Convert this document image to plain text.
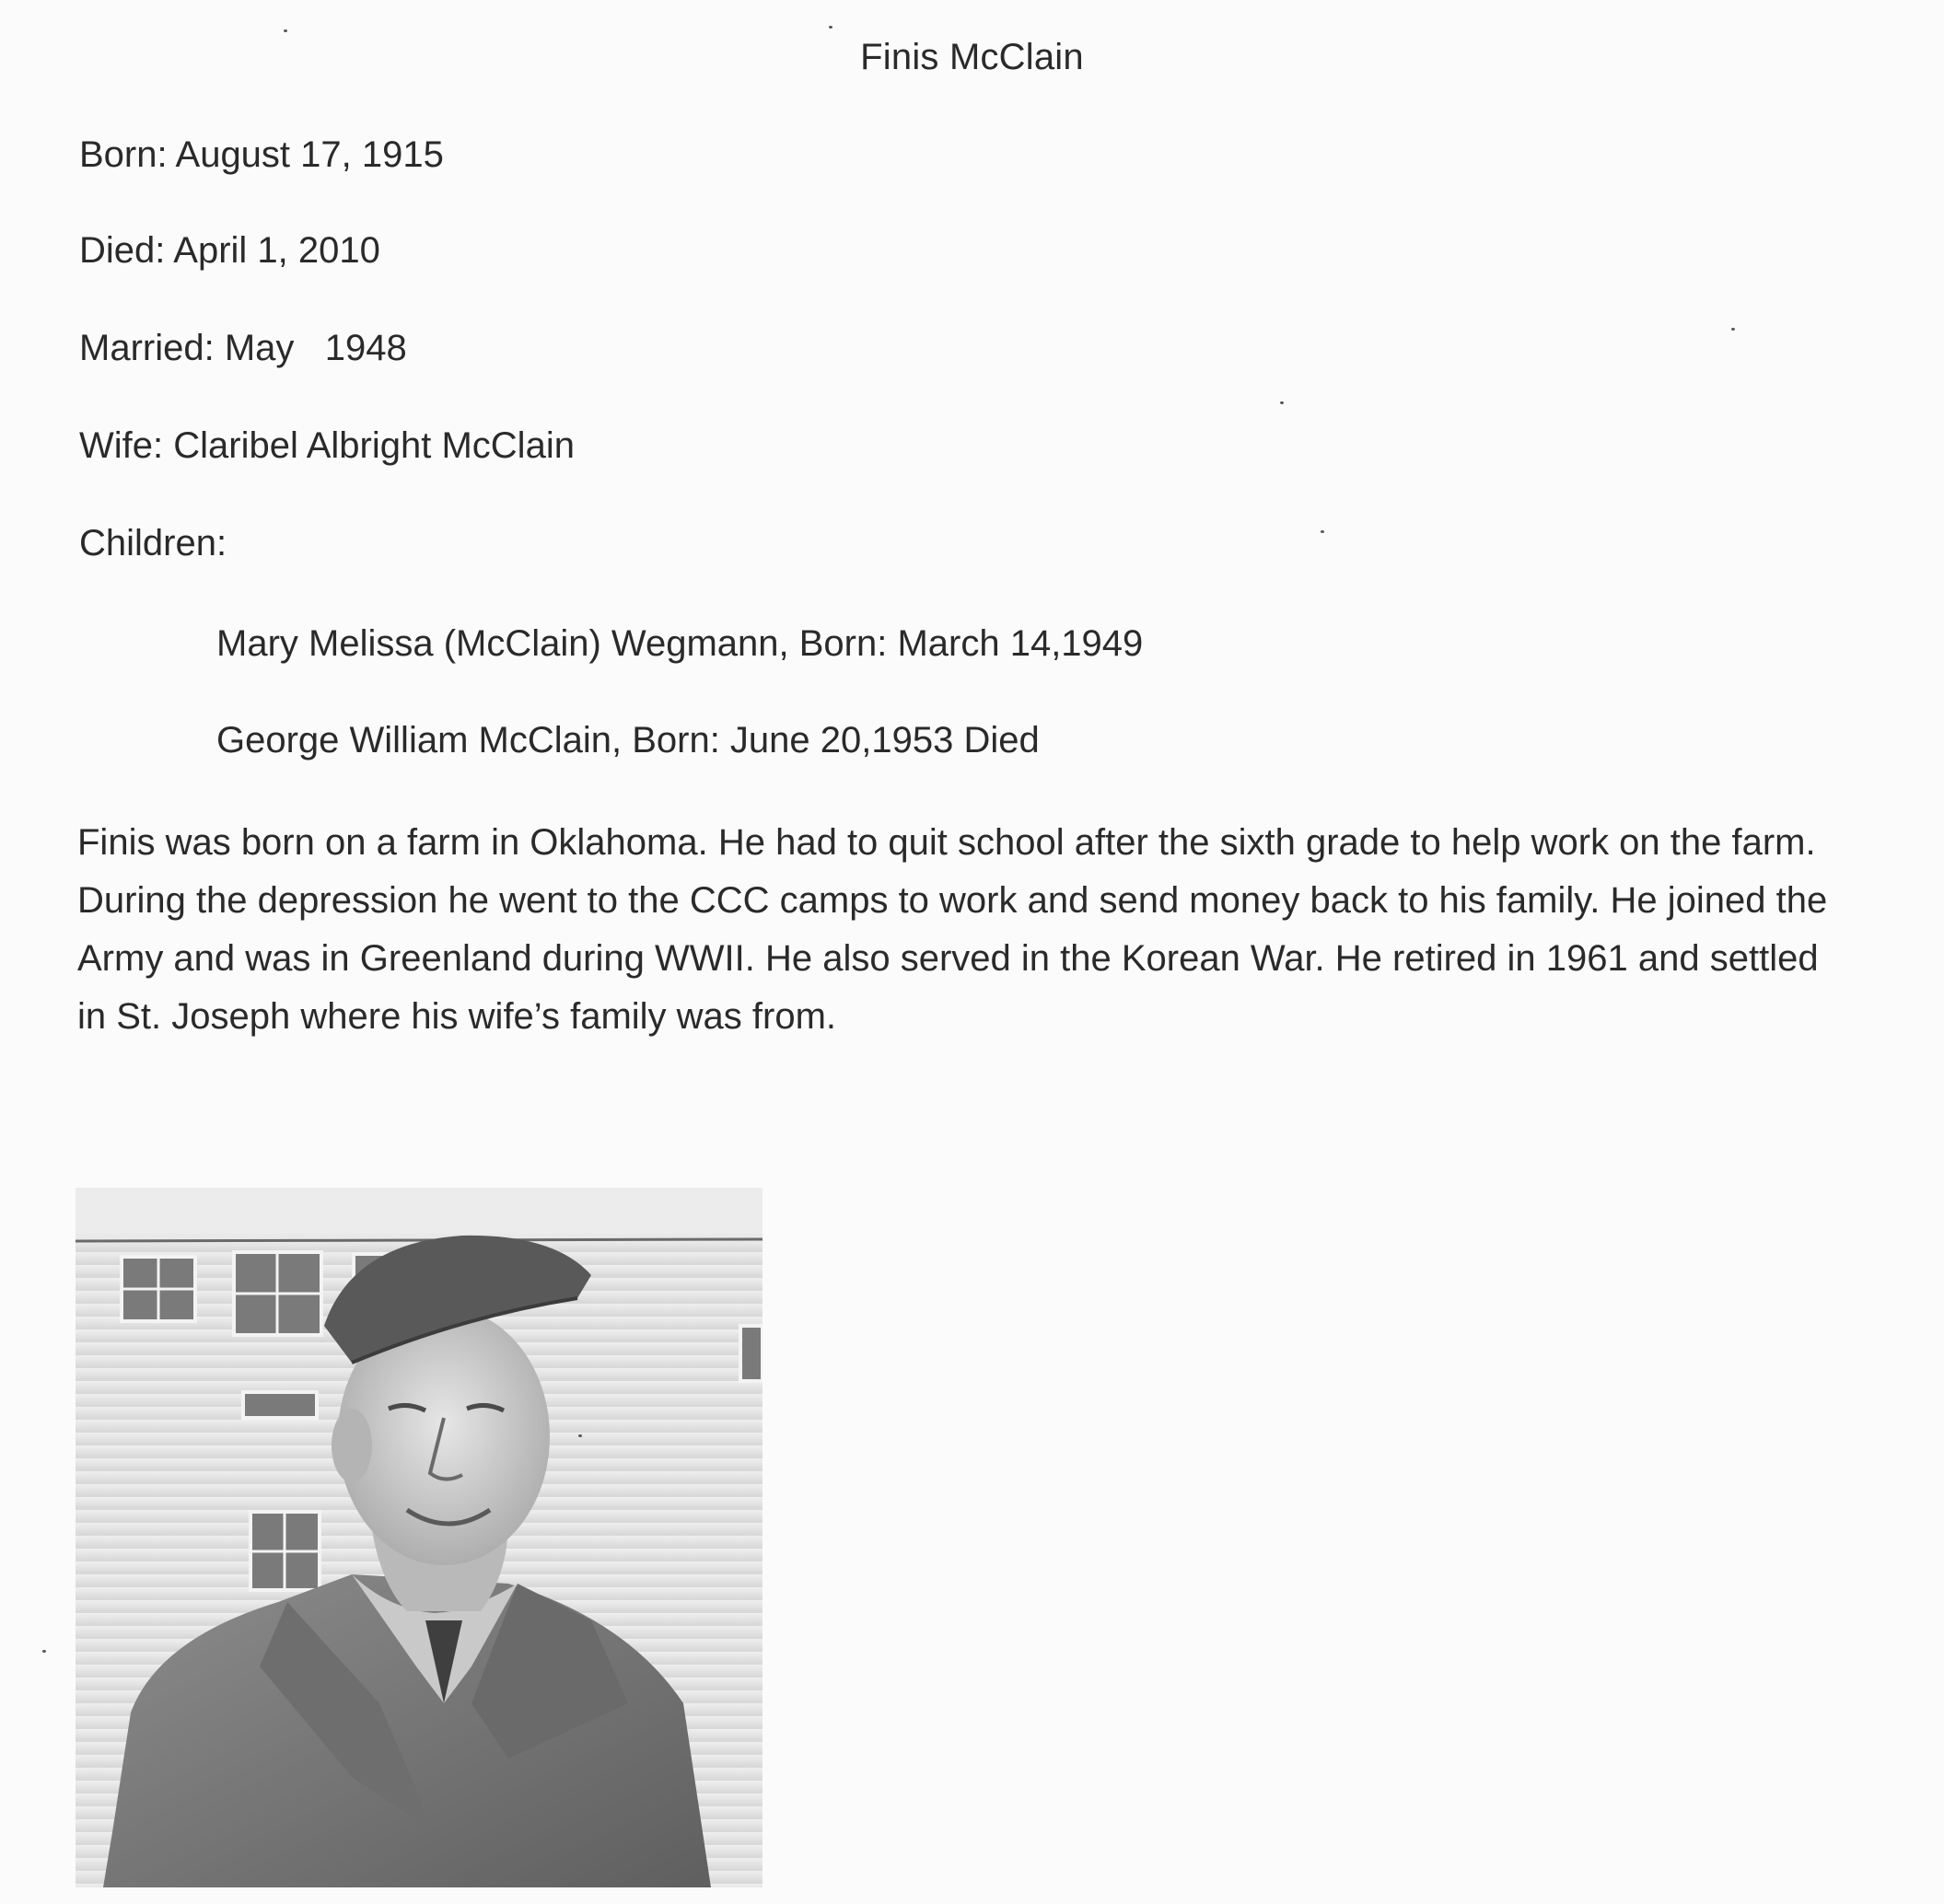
Finis McClain
Born: August 17, 1915
Died: April 1, 2010
Married: May   1948
Wife: Claribel Albright McClain
Children:
Mary Melissa (McClain) Wegmann, Born: March 14,1949
George William McClain, Born: June 20,1953 Died
Finis was born on a farm in Oklahoma. He had to quit school after the sixth grade to help work on the farm. During the depression he went to the CCC camps to work and send money back to his family. He joined the Army and was in Greenland during WWII. He also served in the Korean War. He retired in 1961 and settled in St. Joseph where his wife’s family was from.
